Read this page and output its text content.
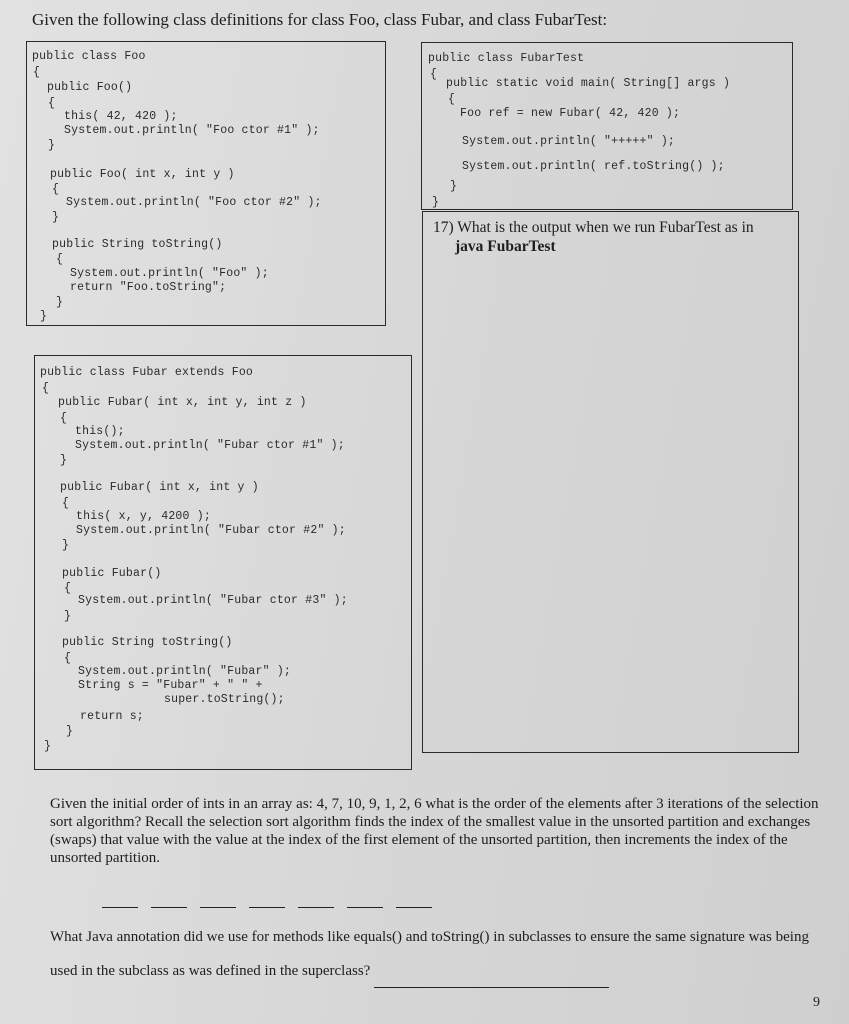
Given the following class definitions for class Foo, class Fubar, and class FubarTest:
public class Foo
{
public Foo()
{
this( 42, 420 );
System.out.println( "Foo ctor #1" );
}
public Foo( int x, int y )
{
System.out.println( "Foo ctor #2" );
}
public String toString()
{
System.out.println( "Foo" );
return "Foo.toString";
}
}
public class FubarTest
{
public static void main( String[] args )
{
Foo ref = new Fubar( 42, 420 );
System.out.println( "+++++" );
System.out.println( ref.toString() );
}
}
17) What is the output when we run FubarTest as in
java FubarTest
public class Fubar extends Foo
{
public Fubar( int x, int y, int z )
{
this();
System.out.println( "Fubar ctor #1" );
}
public Fubar( int x, int y )
{
this( x, y, 4200 );
System.out.println( "Fubar ctor #2" );
}
public Fubar()
{
System.out.println( "Fubar ctor #3" );
}
public String toString()
{
System.out.println( "Fubar" );
String s = "Fubar" + " " +
super.toString();
return s;
}
}
Given the initial order of ints in an array as: 4, 7, 10, 9, 1, 2, 6 what is the order of the elements after 3 iterations of the selection sort algorithm? Recall the selection sort algorithm finds the index of the smallest value in the unsorted partition and exchanges (swaps) that value with the value at the index of the first element of the unsorted partition, then increments the index of the unsorted partition.
What Java annotation did we use for methods like equals() and toString() in subclasses to ensure the same signature was being used in the subclass as was defined in the superclass?
9
